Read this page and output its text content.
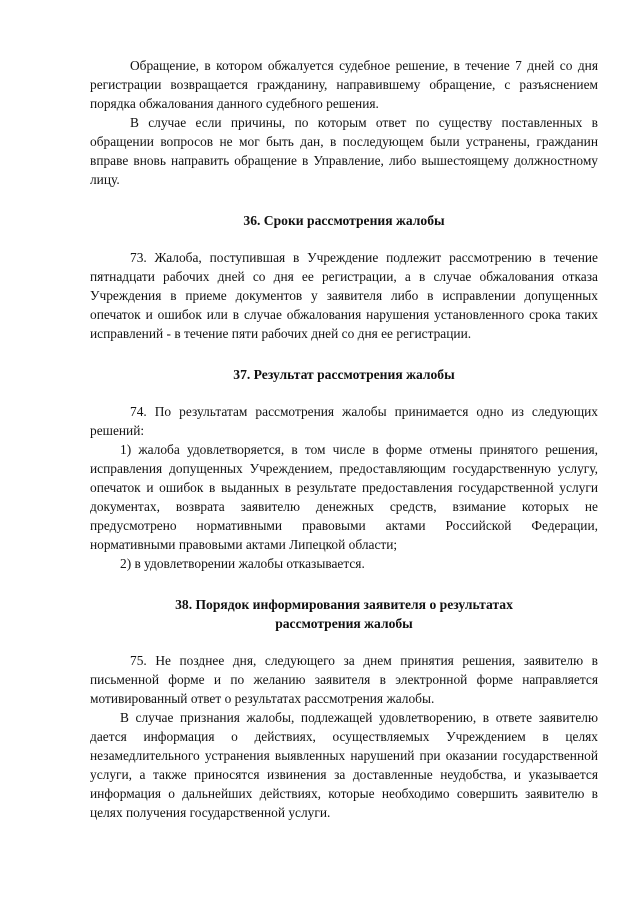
Обращение, в котором обжалуется судебное решение, в течение 7 дней со дня регистрации возвращается гражданину, направившему обращение, с разъяснением порядка обжалования данного судебного решения.

В случае если причины, по которым ответ по существу поставленных в обращении вопросов не мог быть дан, в последующем были устранены, гражданин вправе вновь направить обращение в Управление, либо вышестоящему должностному лицу.

36. Сроки рассмотрения жалобы

73. Жалоба, поступившая в Учреждение подлежит рассмотрению в течение пятнадцати рабочих дней со дня ее регистрации, а в случае обжалования отказа Учреждения в приеме документов у заявителя либо в исправлении допущенных опечаток и ошибок или в случае обжалования нарушения установленного срока таких исправлений - в течение пяти рабочих дней со дня ее регистрации.

37. Результат рассмотрения жалобы

74. По результатам рассмотрения жалобы принимается одно из следующих решений:

1) жалоба удовлетворяется, в том числе в форме отмены принятого решения, исправления допущенных Учреждением, предоставляющим государственную услугу, опечаток и ошибок в выданных в результате предоставления государственной услуги документах, возврата заявителю денежных средств, взимание которых не предусмотрено нормативными правовыми актами Российской Федерации, нормативными правовыми актами Липецкой области;

2) в удовлетворении жалобы отказывается.

38. Порядок информирования заявителя о результатах

рассмотрения жалобы

75. Не позднее дня, следующего за днем принятия решения, заявителю в письменной форме и по желанию заявителя в электронной форме направляется мотивированный ответ о результатах рассмотрения жалобы.

В случае признания жалобы, подлежащей удовлетворению, в ответе заявителю дается информация о действиях, осуществляемых Учреждением в целях незамедлительного устранения выявленных нарушений при оказании государственной услуги, а также приносятся извинения за доставленные неудобства, и указывается информация о дальнейших действиях, которые необходимо совершить заявителю в целях получения государственной услуги.
